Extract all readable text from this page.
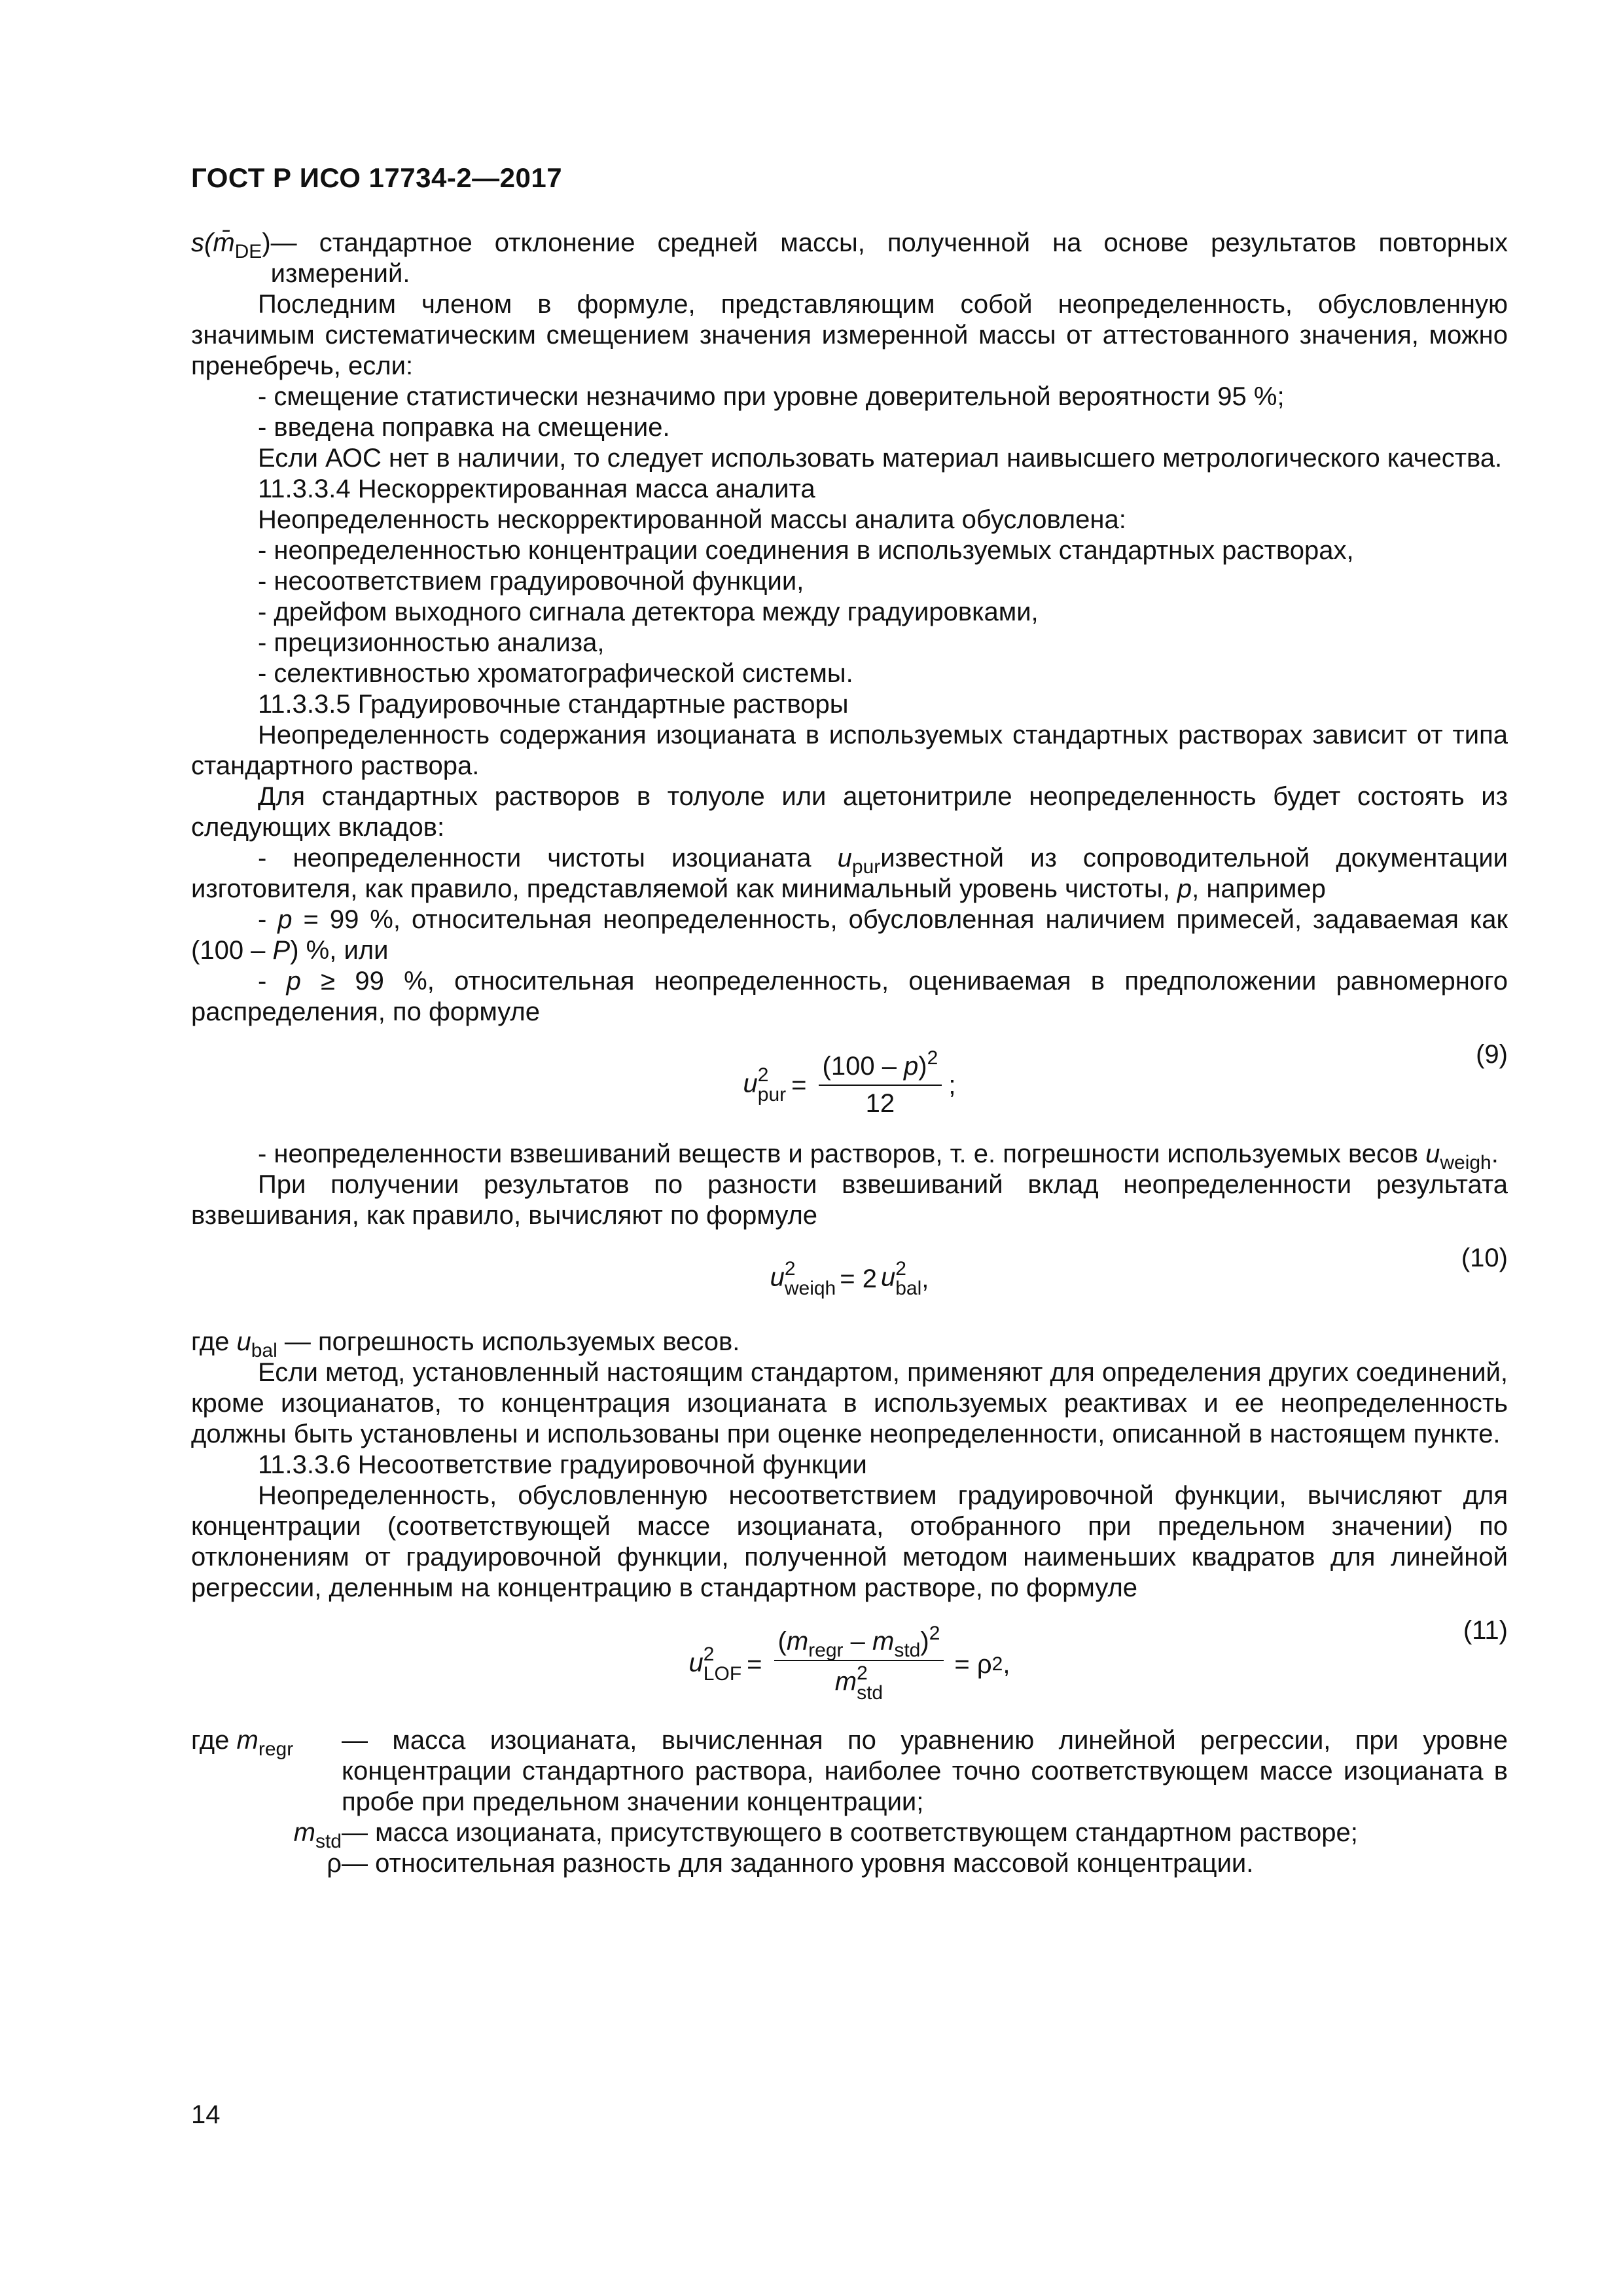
ГОСТ Р ИСО 17734-2—2017
$s(m̄_{DE})$ — стандартное отклонение средней массы, полученной на основе результатов повторных измерений.

Последним членом в формуле, представляющим собой неопределенность, обусловленную значимым систематическим смещением значения измеренной массы от аттестованного значения, можно пренебречь, если:

- смещение статистически незначимо при уровне доверительной вероятности 95 %;

- введена поправка на смещение.

Если АОС нет в наличии, то следует использовать материал наивысшего метрологического качества.

11.3.3.4 Нескорректированная масса аналита

Неопределенность нескорректированной массы аналита обусловлена:

- неопределенностью концентрации соединения в используемых стандартных растворах,

- несоответствием градуировочной функции,

- дрейфом выходного сигнала детектора между градуировками,

- прецизионностью анализа,

- селективностью хроматографической системы.

11.3.3.5 Градуировочные стандартные растворы

Неопределенность содержания изоцианата в используемых стандартных растворах зависит от типа стандартного раствора.

Для стандартных растворов в толуоле или ацетонитриле неопределенность будет состоять из следующих вкладов:

- неопределенности чистоты изоцианата $u_{pur}известной$ из сопроводительной документации изготовителя, как правило, представляемой как минимальный уровень чистоты, p, например

- p = 99 %, относительная неопределенность, обусловленная наличием примесей, задаваемая как (100 – P) %, или

- p ≥ 99 %, относительная неопределенность, оцениваемая в предположении равномерного распределения, по формуле

u 2
pur = $\frac{(100 - p)^2}{12}$ ;
(9)

- неопределенности взвешиваний веществ и растворов, т. е. погрешности используемых весов $u_{weigh}$.

При получении результатов по разности взвешиваний вклад неопределенности результата взвешивания, как правило, вычисляют по формуле

u 2
weiqh = 2 u 2
bal ,
(10)

где $u_{bal}$ — погрешность используемых весов.

Если метод, установленный настоящим стандартом, применяют для определения других соединений, кроме изоцианатов, то концентрация изоцианата в используемых реактивах и ее неопределенность должны быть установлены и использованы при оценке неопределенности, описанной в настоящем пункте.

11.3.3.6 Несоответствие градуировочной функции

Неопределенность, обусловленную несоответствием градуировочной функции, вычисляют для концентрации (соответствующей массе изоцианата, отобранного при предельном значении) по отклонениям от градуировочной функции, полученной методом наименьших квадратов для линейной регрессии, деленным на концентрацию в стандартном растворе, по формуле

u 2
LOF = $(m_{regr} - m_{std})^2$
m 2
std = ρ 2 ,
(11)
где $m_{regr}$	— масса изоцианата, вычисленная по уравнению линейной регрессии, при уровне концентрации стандартного раствора, наиболее точно соответствующем массе изоцианата в пробе при предельном значении концентрации;
$m_{std}$ — масса изоцианата, присутствующего в соответствующем стандартном растворе;
ρ — относительная разность для заданного уровня массовой концентрации.
14
